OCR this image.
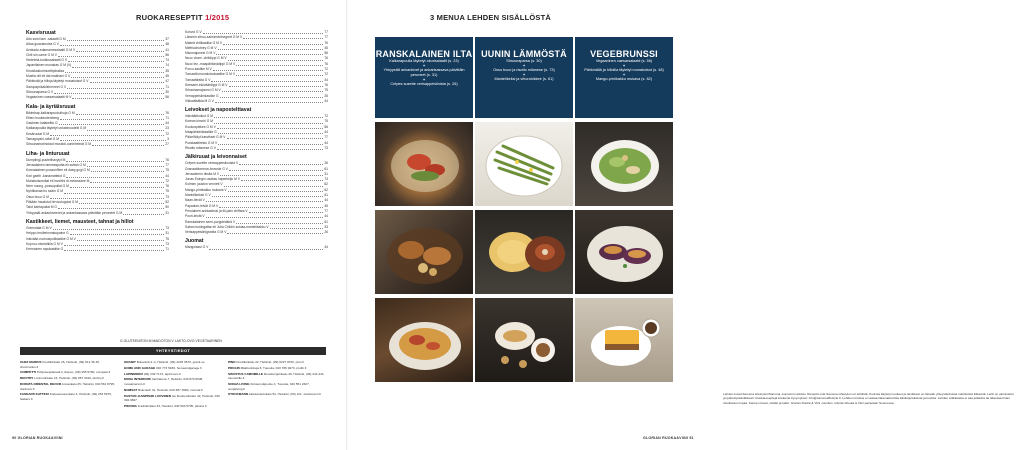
RUOKARESEPTIT 1/2015
Kasvisruuat
Aito somi tam -salaatti G M	37
Aitoa guacamolea G V	48
Avokado-edamamesalaatti G M V	41
Chili sin carne G M V	56
Hedelmä-kurkkusalaatti G V	74
Japanilainen munakas G M (V)	74
Kinokkakiurimuettipiirakka	35
Mustia olit eli dal makhani G V	45
Pähkinää ja hilloja täytetyt munakoisot G V	47
Savupaprikakikherneet G V	71
Sitruunaparsa G V	30
Vegaaninen caesarsalaatti M V	56
Kala- ja äyriäisruuat
Bibimbap-kalkarapuukulhoja G M	76
Etiten houkeudenbeng	71
Gastmen kalakeitto G	44
Kalkarapuulla täytetyt unkarinuudelit G M	23
Kesäruutat G M	72
Tamagoyaki-rullat G M	3
Sitruunamarinoidut mustioli-ouninheinät G M	27
Liha- ja linturuuat
Dumplingi-puutelihavylyt M	76
Jerusalainen lammasputta eli suttah G M	77
Koreaaiainen possunfilee eli daeg gogi G M	75
Kori gaeth -kanamatteiot G	44
Munakoisorullat eli involtini di melanzane M	72
Nem nuong -possupullat G M	76
Nyhtikanaa bo ssäm G M	75
Osso buco G M	73
Pitkään haudutut hirvivoluppiat G M	52
Talot kahtapullat M G	50
Yhkyystät ankankiveeret ja ankankassava päivittäin peruneet G M	31
Kastikkeet, liemet, mausteet, tahnat ja hillot
Gremolata G M V	73
Helppo broilerinmakupaine G	31
Inkivääri-ruohosipulikastike G M V	75
Kuprou-ruisriahilla G M V	73
Kermainen rapukastike G	71
Kohvoi G V	77
Lämmin sitruu-sahramiviinegrett G M V	77
Makeä chilikastike G M V	76
Miettiuchutney G M V	45
Misomajonesi G M V	56
Nuoc cham -chilidippi G M V	76
Nuoc leo -maapähkinädippi G M V	76
Porcu-kastike M V	72
Tomaatti-munakoisokastike G M V	72
Tomaattiraita G V	44
Seesami-inkiväärdippi G M V	76
Srirachamajonesi G M V	75
Verrappelsiinikastike G	26
Vikisattisilkia M G V	44
Leivokset ja napostelttavat
Inkiväärikuikut G M	72
Korean kimchi G M	75
Kookospiekes G M V	56
Maapähkinäkastike G	44
Pikkelöidyt kasvikset G M V	77
Purakaattiresiu G M V	44
Risotto milanese G V	73
Jälkiruuat ja leivonnaiset
Crêpes suzette verisappelsiinoista V	26
Granaattiomena-brownie G V	61
Jerusalemin riksita M V	31
Jonas Eningin usakas haperkeiju M V	73
Kolmen juuston vennett V	62
Mango-pirnikakku mukava V	62
Mantelikeksit G V	61
Naan-leivät V	44
Papadum-leivät G M V	45
Perulainen ankkadessi ja illi-pain chiffara V	77
Poori-leivät V	44
Ranskalainen semi-purppleäkkä V	61
Saban kuningattar eli Julia Childin suklaa-mantelikakku V	33
Verisappelsiinigranita G M V	26
Juomat
Mangolassi G V	44
G GLUTEENITON M MAIDOTON V LAKTO-OVO-VEGETAARINEN
YHTEYSTIEDOT
CHEZ MARIUS Fredrikinkatu 26, Helsinki, (09) 612 36 36, chezmarius.fi
COMPETTI Pohjoisesplanadi 2, Espoo, (09) 455 5780, competti.fi
DECITRY Lönnrotinkatu 15, Helsinki, (09) 857 4016, decitry.fi
DORATA ORIENTAL DECOR Annankatu 25, Helsinki, 040 561 8795, dordecor.fi
FASKARS KATTEKI Korkeavuorenkatu 3, Helsinki, (09) 253 5970, faskars.fi
GRANIT Bulevardi 2–4, Helsinki, (09) 4245 0570, granit.se
HOME AND GARAGE 040 773 5939, homeandgarage.fi
LAPINMORO (09) 239 7172, lapinmoro.fi
MOSA INTERIORS Vanhatuna 7, Helsinki, 040 870 8048, mosainteriors.fi
NOMSAT Bulevardi 31, Helsinki, 020 387 3980, nomsat.fi
PASTUR–KANPPARI LUOVINEN Iso Roobertinkatu 42, Helsinki, 040 392 9827
PIKORIA Fredrikinkatu 33, Helsinki, 040 593 5795, pikoria.fi
PINO Fredrikinkatu 22, Helsinki, (09) 6227 0070, pino.fi
PROLIB Mäkitorinkuja 8, Tuusula, 020 786 9473, prolib.fi
SISUSTUS CAMOMILLE Runebergsinkatu 39, Helsinki, (09) 444 344, camomille.fi
SONJA LIVING Kirstenmärjentie 4, Tuusula, 040 551 2627, sonjaliving.fi
STOCKMANN Aleksanterinkatu 52, Helsinki, (09) 121, stockmann.fi
90 GLORIAN RUOKA&VIINI
3 MENUA LEHDEN SISÄLLÖSTÄ
RANSKALAINEN ILTA
Kalkarapuulla täytetyt okurisalaatit (s. 23)
✦
Yhkyystät ankankivet ja ankankassava päivittäin peruneet (s. 31)
✦
Crêpes suzette verisappelsiinista (s. 26)
UUNIN LÄMMÖSTÄ
Sitruunaparsa (s. 30)
✦
Osso buco ja risotto milanese (s. 73)
✦
Mantelikeksi ja vihurahikkee (s. 61)
VEGEBRUNSSI
Vegaaninen caesarsalaatti (s. 56)
✦
Pähkinällä ja hilloilla täytetyt munakoisot (s. 48)
✦
Mango-pirnikakku mukava (s. 62)
Lehden kuvat Sanoma Lifestylen/Sanoma -konsernin arkisto. Reseptit ovat Sanoma Lifestylen eri lehdistä. Kuvissa käytetyt tuotteet ja tarvikkeet on lainattu yhteystiedoissa mainituista liikkeistä. Lehti on valmistettu ympäristöystävällisesti. Ruokareseptejä koskevat kysymykset: info@sanomalifestyle.fi. Lehden toimitus ei vastaa tilaamattomista käsikirjoituksista ja kuvista. Lehden artikkeleita ei saa julkaista tai tallentaa ilman toimituksen lupaa. Kannen kuvat, sisältö ja taitto: Glorian Ruoka & Viini -toimitus. Glorian Ruoka & Viini painetaan Suomessa.
GLORIAN RUOKA&VIINI 91
